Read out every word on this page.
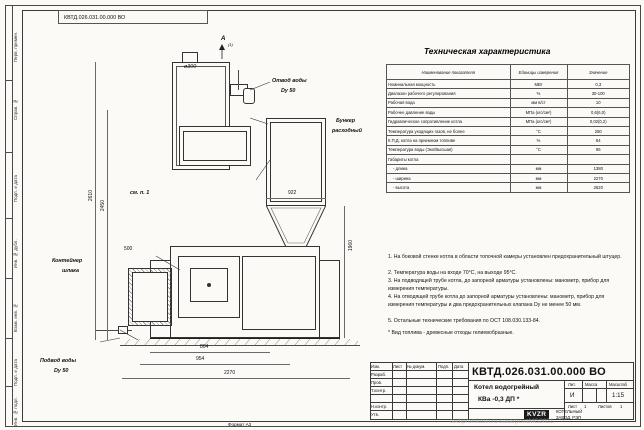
Перв. примен.
Справ. №
Подп. и дата
Инв. № дубл.
Взам. инв. №
Подп. и дата
Инв. № подл.
КВТД.026.031.00.000 ВО
А
(1)
ø300
Отвод воды
Dу 50
Бункер
расходный
см. п. 1
Контейнер
шлака
Подвод воды
Dу 50
2610
2450
500
922
1960
804
954
2270
Техническая характеристика
Наименование показателя	Единицы измерения	Значение
Номинальная мощность	МВт	0,3
Диапазон рабочего регулирования	%	30-100
Рабочая вода	мм в/ст	10
Рабочее давление воды	МПа (кгс/см²)	0,6(6,0)
Гидравлическое сопротивление котла	МПа (кгс/см²)	0,02(0,2)
Температура уходящих газов, не более	°С	250
К.П.Д. котла на приемном топливе	%	84
Температура воды (Эко/Высшая)	°С	95
Габариты котла		
- длина	мм	1380
- ширина	мм	2270
- высота	мм	2620
1. На боковой стенке котла в области топочной камеры установлен предохранительный штуцер.
2. Температура воды на входе 70°С, на выходе 95°С.
3. На подводящей трубе котла, до запорной арматуры установлены: манометр, прибор для измерения температуры.
4. На отводящей трубе котла до запорной арматуры установлены: манометр, прибор для измерения температуры и два предохранительных клапана Dу не менее 50 мм.
5. Остальные технические требования по ОСТ 108.030.133-84.
* Вид топлива - древесные отходы гелиевобразные.
Изм.	Лист № докум.	Подп. Дата
Разраб.
Пров.
Т.контр.
Н.контр.
Утв.
КВТД.026.031.00.000 ВО
Лит. Масса	Масштаб
И	1:15
Лист 1	Листов 1
Котел водогрейный
КВа -0,3 ДП *
KVZR	КОТЕЛЬНЫЙ
ЗАВОД, РЭП
Формат A3	tekhpromkotel.ru sakarpovaMG2021
